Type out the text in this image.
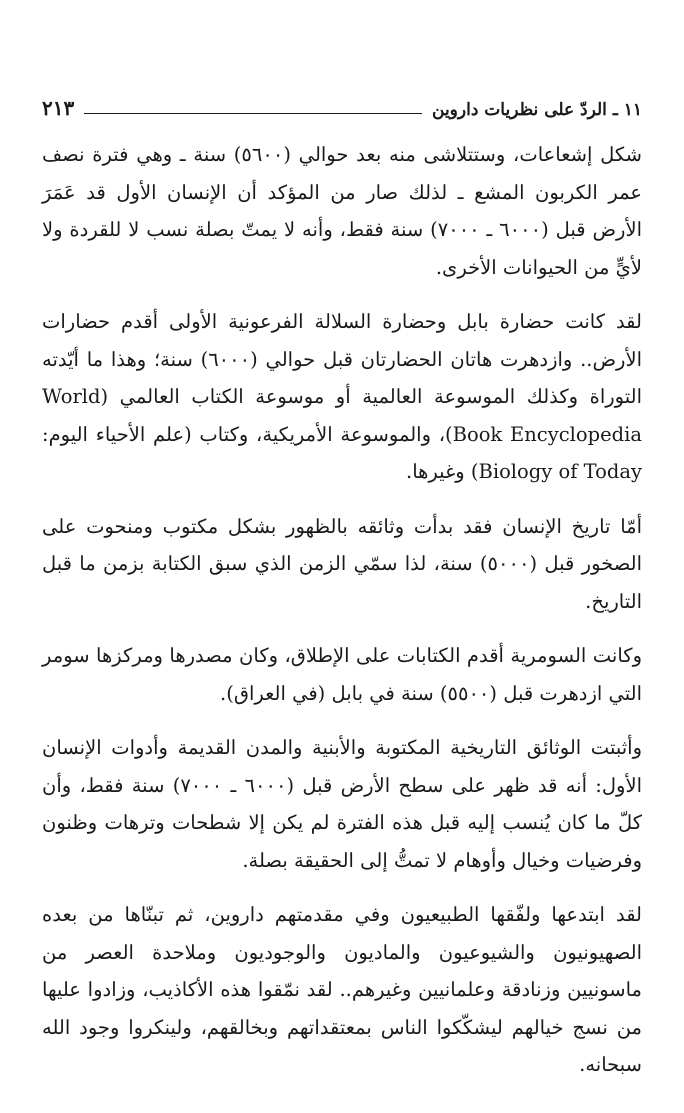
١١ ـ الردّ على نظريات داروين
٢١٣

شكل إشعاعات، وستتلاشى منه بعد حوالي (٥٦٠٠) سنة ـ وهي فترة نصف عمر الكربون المشع ـ لذلك صار من المؤكد أن الإنسان الأول قد عَمَرَ الأرض قبل (٦٠٠٠ ـ ٧٠٠٠) سنة فقط، وأنه لا يمتّ بصلة نسب لا للقردة ولا لأيٍّ من الحيوانات الأخرى.

لقد كانت حضارة بابل وحضارة السلالة الفرعونية الأولى أقدم حضارات الأرض.. وازدهرت هاتان الحضارتان قبل حوالي (٦٠٠٠) سنة؛ وهذا ما أيّدته التوراة وكذلك الموسوعة العالمية أو موسوعة الكتاب العالمي (World Book Encyclopedia)، والموسوعة الأمريكية، وكتاب (علم الأحياء اليوم: Biology of Today) وغيرها.

أمّا تاريخ الإنسان فقد بدأت وثائقه بالظهور بشكل مكتوب ومنحوت على الصخور قبل (٥٠٠٠) سنة، لذا سمّي الزمن الذي سبق الكتابة بزمن ما قبل التاريخ.

وكانت السومرية أقدم الكتابات على الإطلاق، وكان مصدرها ومركزها سومر التي ازدهرت قبل (٥٥٠٠) سنة في بابل (في العراق).

وأثبتت الوثائق التاريخية المكتوبة والأبنية والمدن القديمة وأدوات الإنسان الأول: أنه قد ظهر على سطح الأرض قبل (٦٠٠٠ ـ ٧٠٠٠) سنة فقط، وأن كلّ ما كان يُنسب إليه قبل هذه الفترة لم يكن إلا شطحات وترهات وظنون وفرضيات وخيال وأوهام لا تمتُّ إلى الحقيقة بصلة.

لقد ابتدعها ولفّقها الطبيعيون وفي مقدمتهم داروين، ثم تبنّاها من بعده الصهيونيون والشيوعيون والماديون والوجوديون وملاحدة العصر من ماسونيين وزنادقة وعلمانيين وغيرهم.. لقد نمّقوا هذه الأكاذيب، وزادوا عليها من نسج خيالهم ليشكّكوا الناس بمعتقداتهم وبخالقهم، ولينكروا وجود الله سبحانه.
